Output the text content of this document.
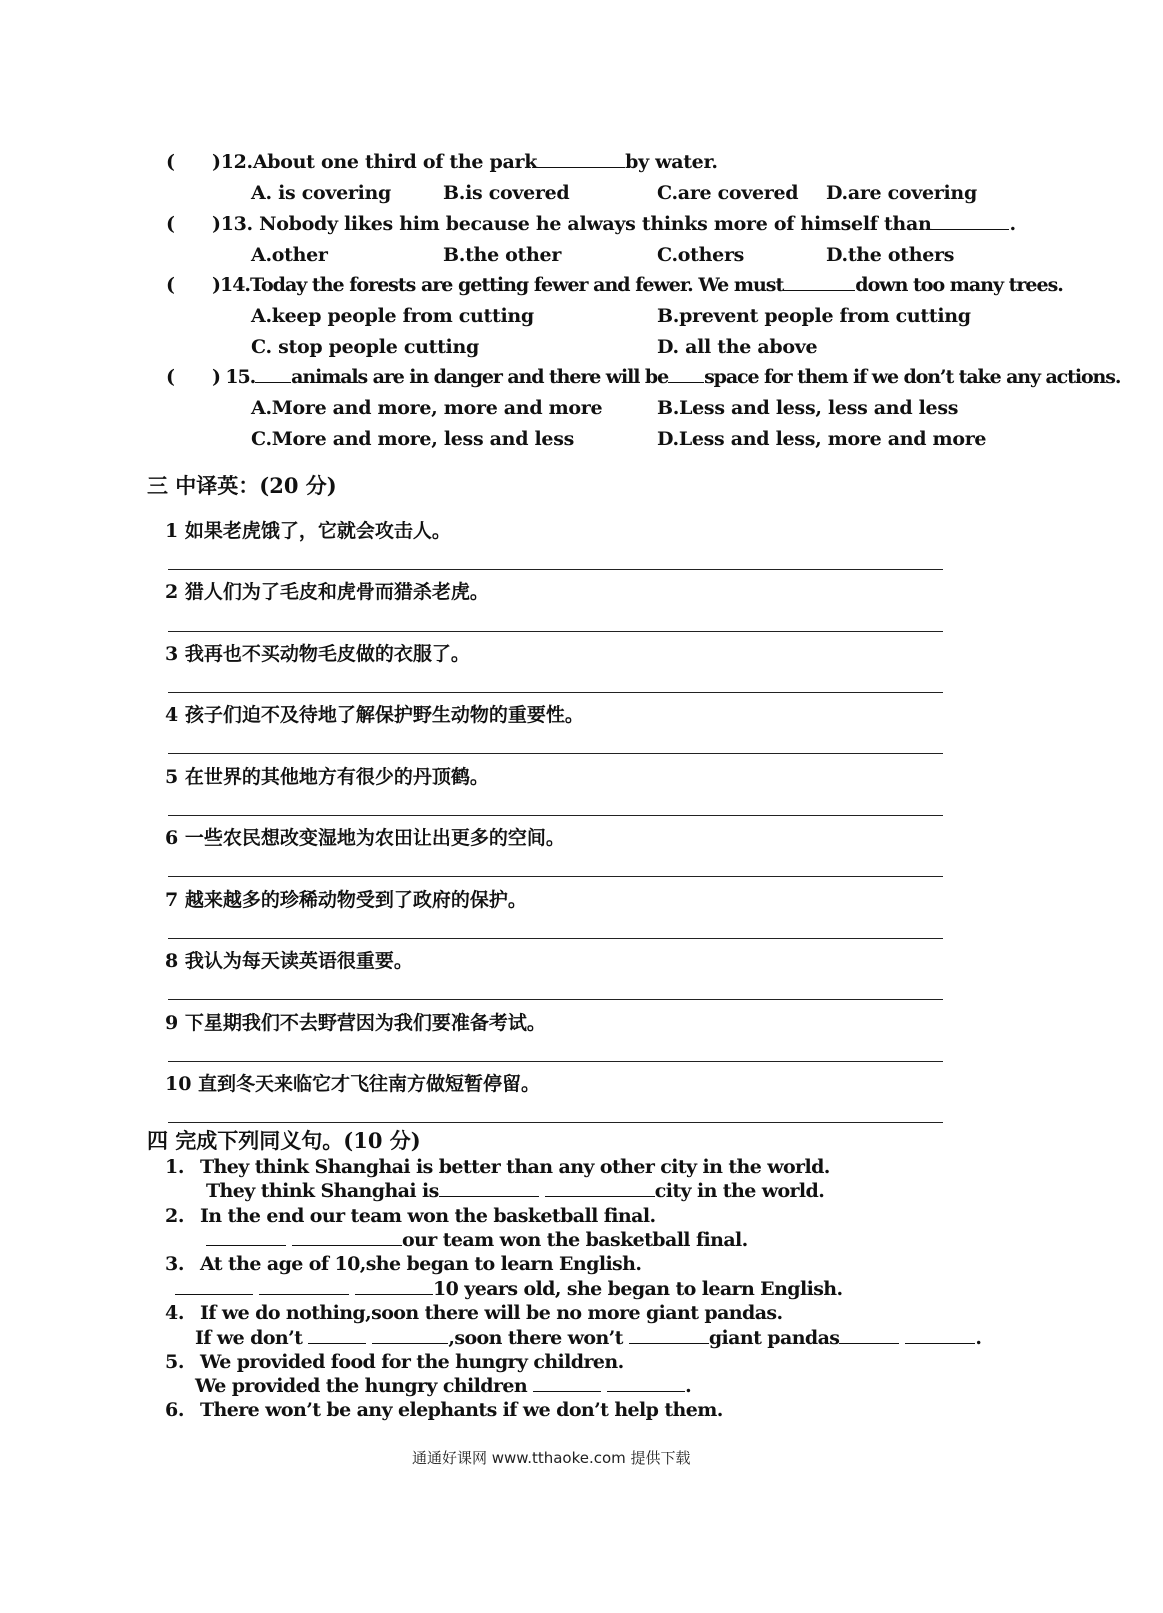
( )12.About one third of the park	by water.
A. is covering	B.is covered	C.are covered D.are covering
( )13. Nobody likes him because he always thinks more of himself than	.
A.other	B.the other	C.others	D.the others
( )14.Today the forests are getting fewer and fewer. We must	down too many trees.
A.keep people from cutting	B.prevent people from cutting
C. stop people cutting	D. all the above
( ) 15. animals are in danger and there will be space for them if we don’t take any actions.
A.More and more, more and more	B.Less and less, less and less
C.More and more, less and less	D.Less and less, more and more
三 中译英：(20 分)
1 如果老虎饿了，它就会攻击人。
2 猎人们为了毛皮和虎骨而猎杀老虎。
3 我再也不买动物毛皮做的衣服了。
4 孩子们迫不及待地了解保护野生动物的重要性。
5 在世界的其他地方有很少的丹顶鹤。
6 一些农民想改变湿地为农田让出更多的空间。
7 越来越多的珍稀动物受到了政府的保护。
8 我认为每天读英语很重要。
9 下星期我们不去野营因为我们要准备考试。
10 直到冬天来临它才飞往南方做短暂停留。
四 完成下列同义句。(10 分)
1. They think Shanghai is better than any other city in the world.
They think Shanghai is	city in the world.
2. In the end our team won the basketball final.
our team won the basketball final.
3. At the age of 10,she began to learn English.
10 years old, she began to learn English.
4. If we do nothing,soon there will be no more giant pandas.
If we don’t	,soon there won’t	giant pandas	.
5. We provided food for the hungry children.
We provided the hungry children	.
6. There won’t be any elephants if we don’t help them.
通通好课网 www.tthaoke.com 提供下载
